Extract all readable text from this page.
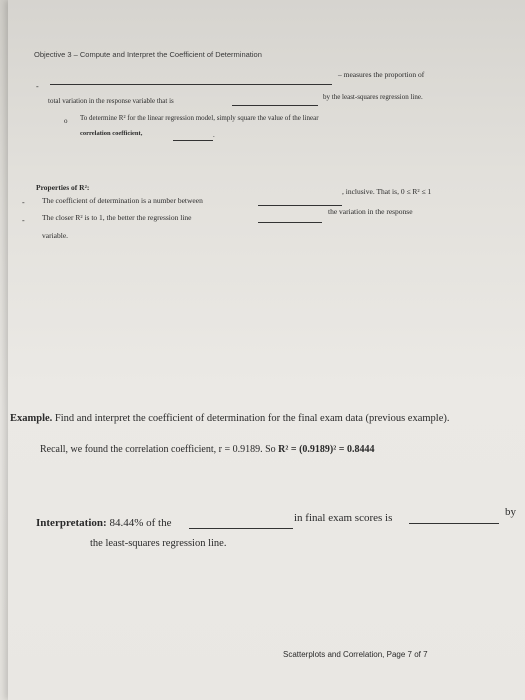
Objective 3 – Compute and Interpret the Coefficient of Determination
-
– measures the proportion of
total variation in the response variable that is	by the least-squares regression line.
o To determine R² for the linear regression model, simply square the value of the linear
correlation coefficient,	.
Properties of R²:
- The coefficient of determination is a number between
, inclusive. That is, 0 ≤ R² ≤ 1
- The closer R² is to 1, the better the regression line
the variation in the response
variable.
Example. Find and interpret the coefficient of determination for the final exam data (previous example).
Recall, we found the correlation coefficient, r = 0.9189. So R² = (0.9189)² = 0.8444
Interpretation: 84.44% of the	in final exam scores is	by
the least-squares regression line.
Scatterplots and Correlation, Page 7 of 7
